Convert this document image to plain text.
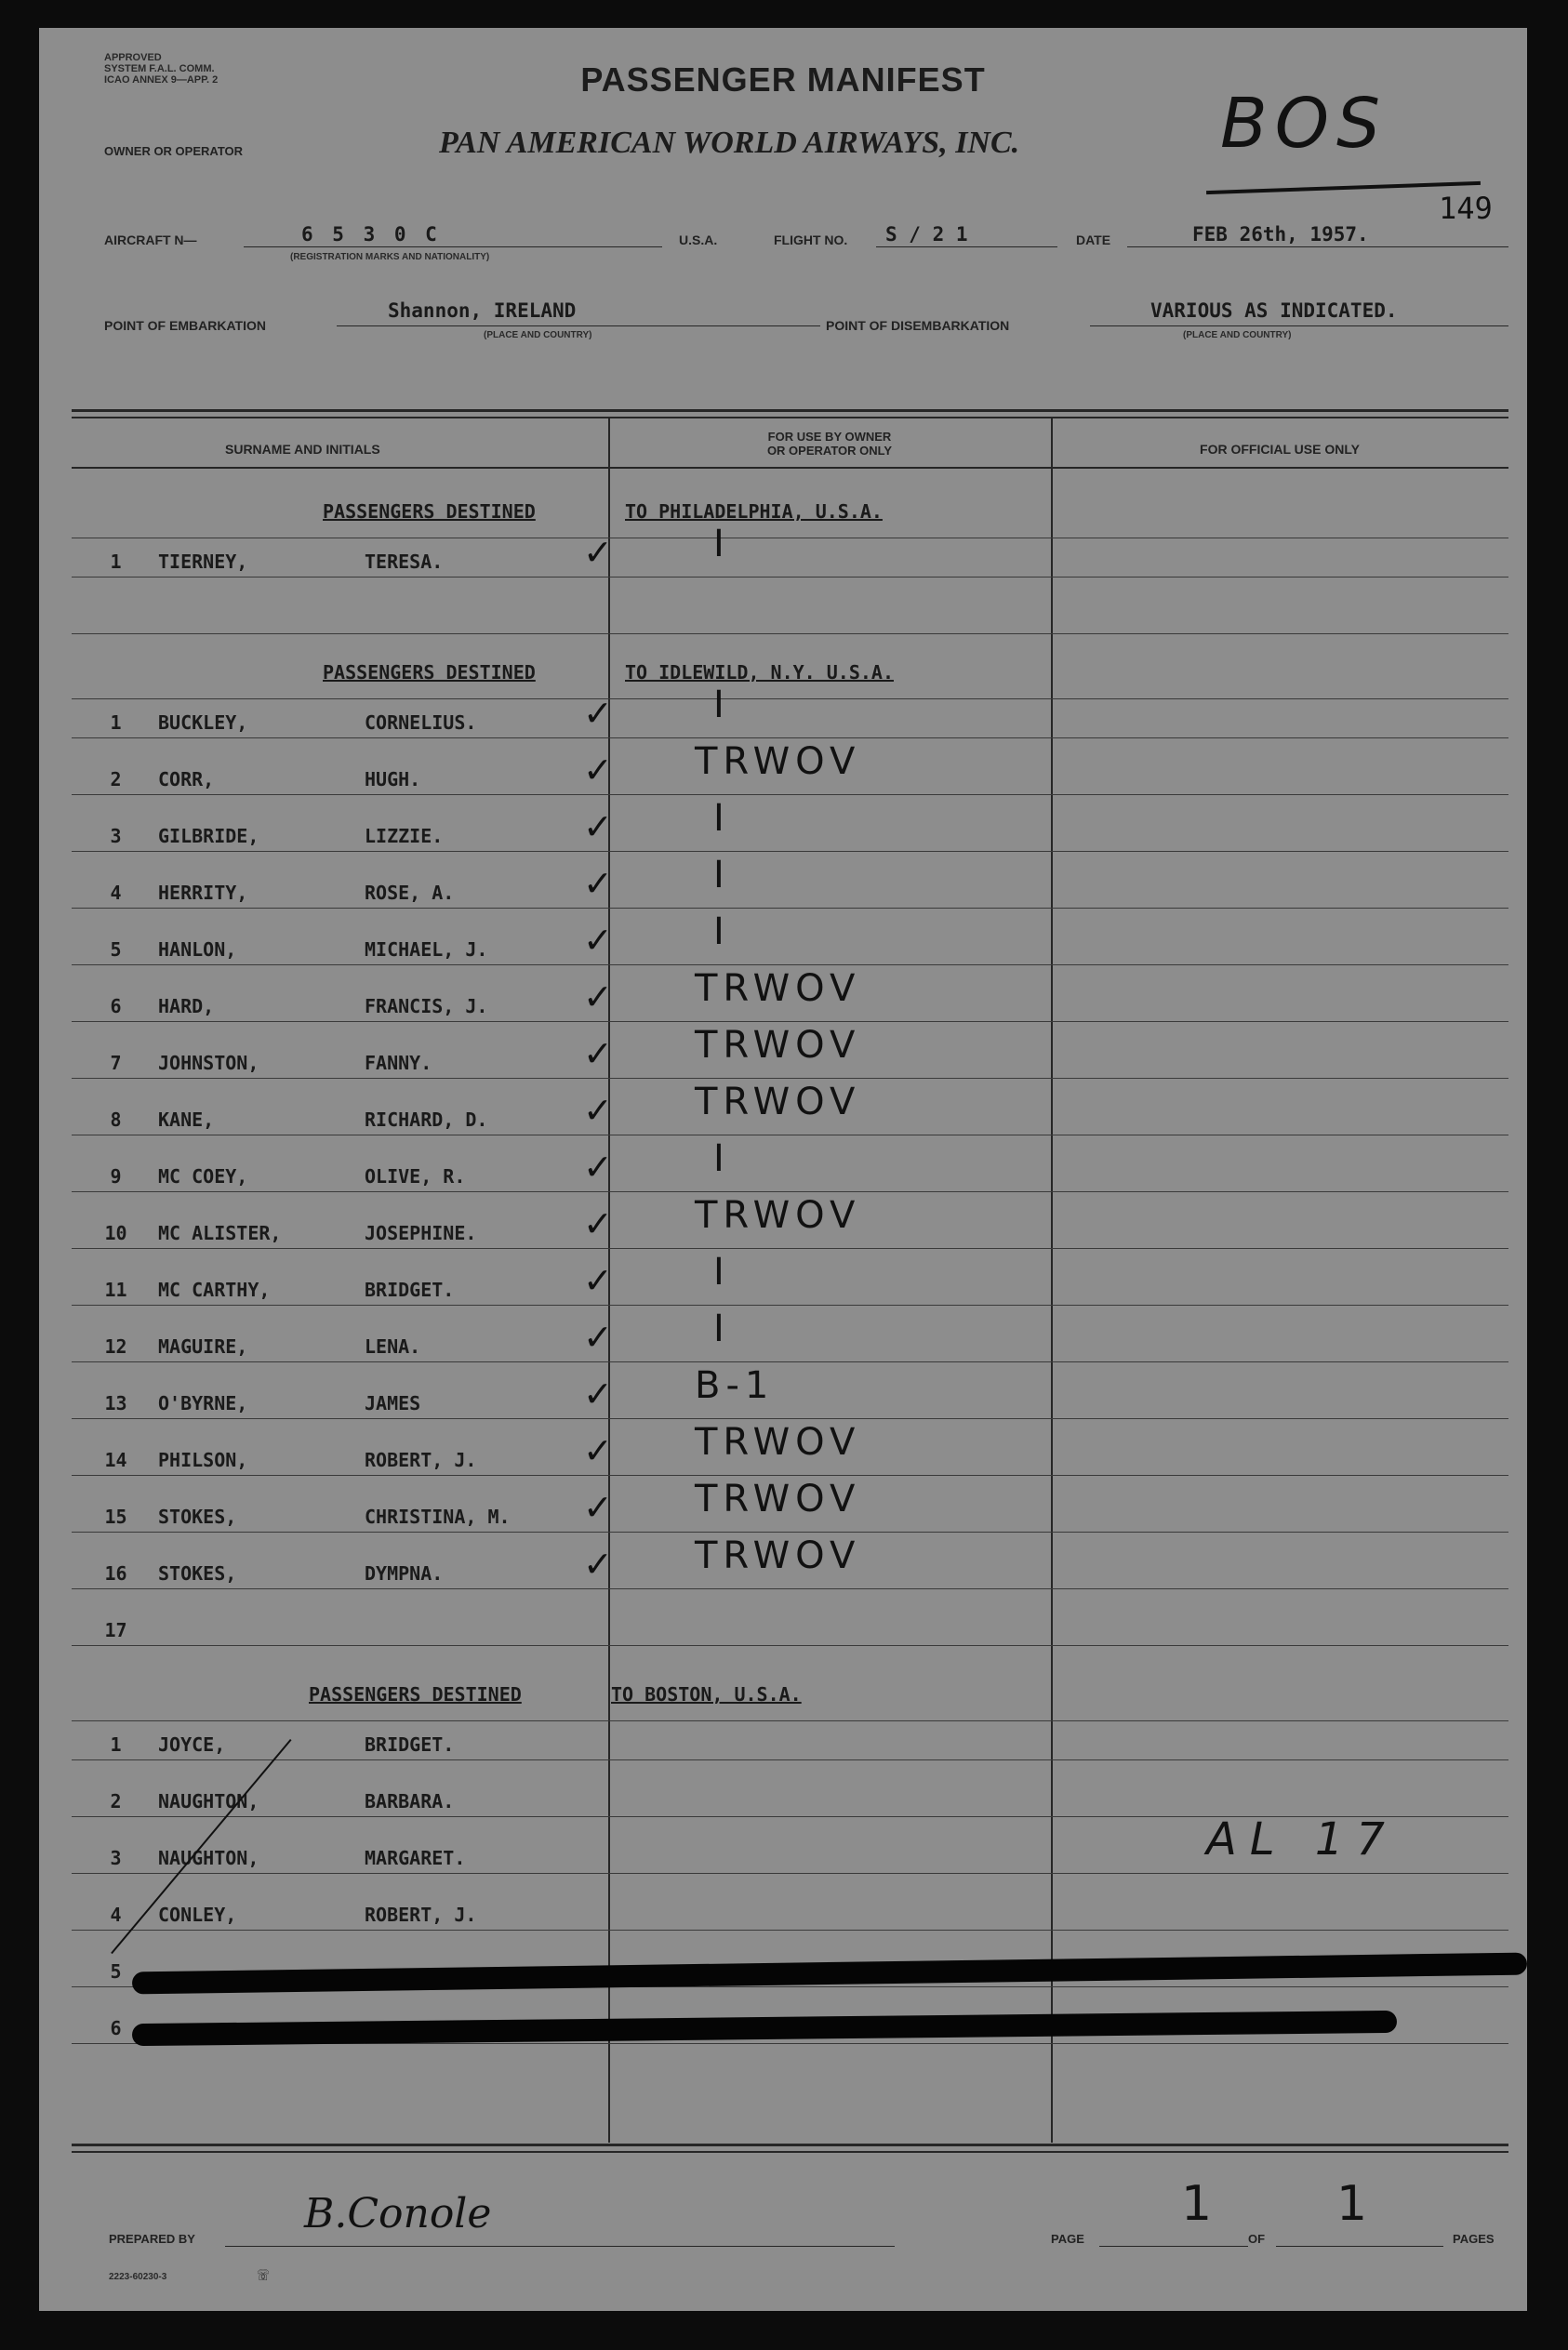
APPROVED
SYSTEM F.A.L. COMM.
ICAO ANNEX 9—APP. 2	PASSENGER MANIFEST
OWNER OR OPERATOR	PAN AMERICAN WORLD AIRWAYS, INC.	BOS
149
AIRCRAFT N—	6 5 3 0 C
(REGISTRATION MARKS AND NATIONALITY)
U.S.A.	FLIGHT NO. S / 2 1	DATE	FEB 26th, 1957.
POINT OF EMBARKATION
Shannon, IRELAND
(PLACE AND COUNTRY)
POINT OF DISEMBARKATION
VARIOUS AS INDICATED.
(PLACE AND COUNTRY)
SURNAME AND INITIALS
FOR USE BY OWNER
OR OPERATOR ONLY	FOR OFFICIAL USE ONLY
PASSENGERS DESTINED	TO PHILADELPHIA, U.S.A.
1	TIERNEY,	TERESA.	✓	I
PASSENGERS DESTINED	TO IDLEWILD, N.Y. U.S.A.
1	BUCKLEY,	CORNELIUS.	✓	I
2	CORR,	HUGH.	✓ TRWOV
3	GILBRIDE,	LIZZIE.	✓	I
4	HERRITY,	ROSE, A.	✓	I
5	HANLON,	MICHAEL, J.	✓	I
6	HARD,	FRANCIS, J.	✓ TRWOV
7	JOHNSTON,	FANNY.	✓ TRWOV
8	KANE,	RICHARD, D.	✓ TRWOV
9	MC COEY,	OLIVE, R.	✓	I
10	MC ALISTER,	JOSEPHINE.	✓ TRWOV
11	MC CARTHY,	BRIDGET.	✓	I
12	MAGUIRE,	LENA.	✓	I
13	O'BYRNE,	JAMES	✓ B-1
14	PHILSON,	ROBERT, J.	✓ TRWOV
15	STOKES,	CHRISTINA, M. ✓ TRWOV
16	STOKES,	DYMPNA.	✓ TRWOV
17
PASSENGERS DESTINED	TO BOSTON, U.S.A.
1	JOYCE,	BRIDGET.
2	NAUGHTON,	BARBARA.
3	NAUGHTON,	MARGARET.
4	CONLEY,	ROBERT, J.
5
6
AL 17
PREPARED BY
B.Conole
2223-60230-3	☏
PAGE
1
OF
1
PAGES
